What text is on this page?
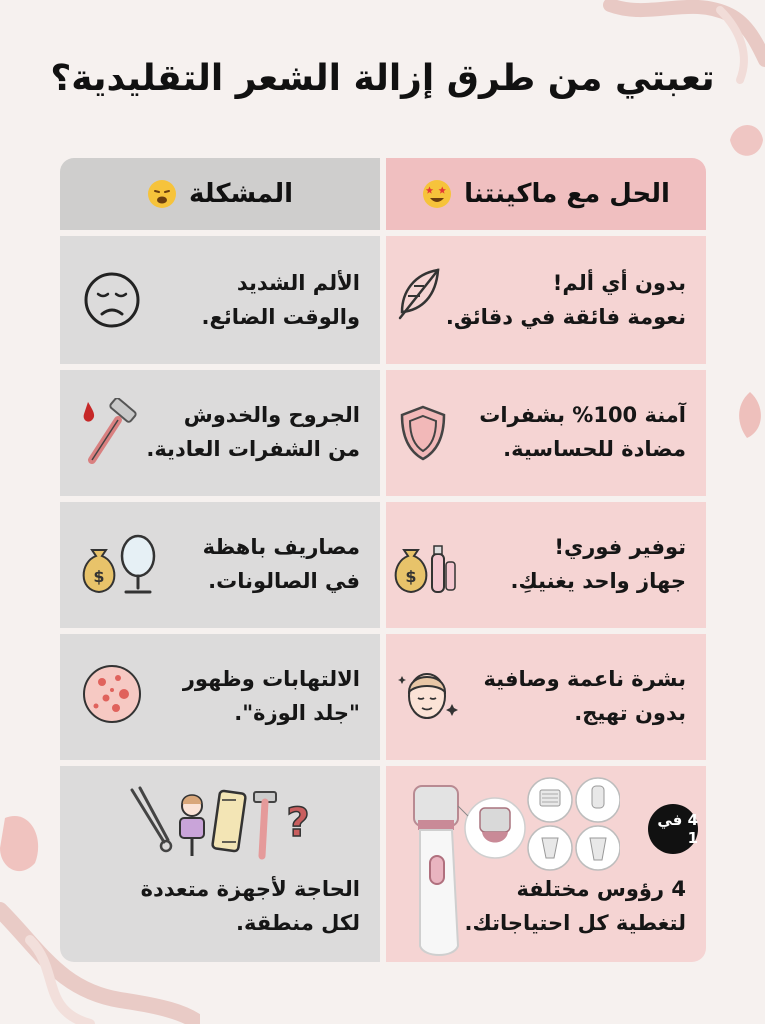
تعبتي من طرق إزالة الشعر التقليدية؟
المشكلة	الحل مع ماكينتنا
الألم الشديد
والوقت الضائع.
بدون أي ألم!
نعومة فائقة في دقائق.
الجروح والخدوش
من الشفرات العادية.
آمنة 100% بشفرات
مضادة للحساسية.
مصاريف باهظة
في الصالونات.
$
توفير فوري!
جهاز واحد يغنيكِ.
$
الالتهابات وظهور
"جلد الوزة".
بشرة ناعمة وصافية
بدون تهيج.
?
الحاجة لأجهزة متعددة
لكل منطقة.
4 في 1
4 رؤوس مختلفة
لتغطية كل احتياجاتك.
